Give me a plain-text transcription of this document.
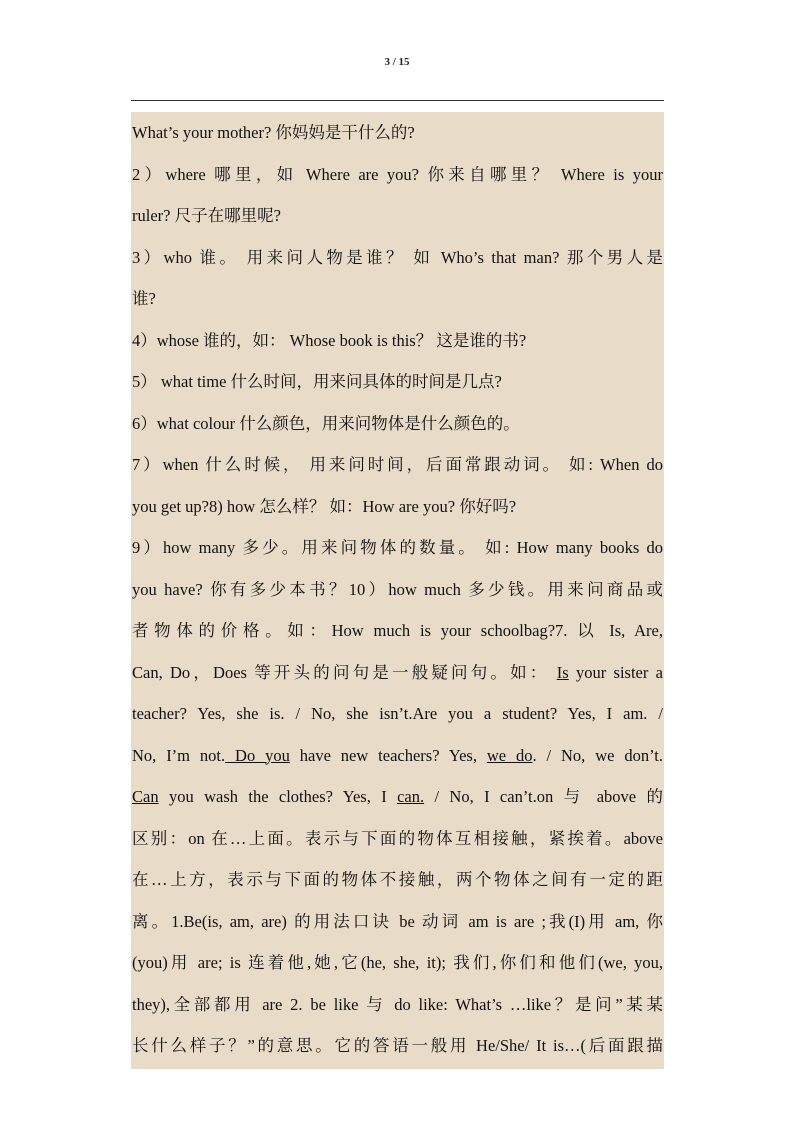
3 / 15
What’s your mother? 你妈妈是干什么的?
2）where 哪里，如 Where are you? 你来自哪里？ Where is your
ruler? 尺子在哪里呢?
3）who 谁。 用来问人物是谁？ 如 Who’s that man? 那个男人是
谁?
4）whose 谁的，如： Whose book is this？ 这是谁的书?
5） what time 什么时间，用来问具体的时间是几点?
6）what colour 什么颜色，用来问物体是什么颜色的。
7）when 什么时候， 用来问时间，后面常跟动词。 如: When do
you get up?8) how 怎么样？ 如：How are you? 你好吗?
9）how many 多少。用来问物体的数量。 如: How many books do
you have? 你有多少本书？10）how much 多少钱。用来问商品或
者物体的价格。如：How much is your schoolbag?7. 以 Is, Are,
Can, Do，Does 等开头的问句是一般疑问句。如： Is your sister a
teacher? Yes, she is. / No, she isn’t.Are you a student? Yes, I am. /
No, I’m not. Do you have new teachers? Yes, we do. / No, we don’t.
Can you wash the clothes? Yes, I can. / No, I can’t.on 与 above 的
区别：on 在…上面。表示与下面的物体互相接触，紧挨着。above
在…上方，表示与下面的物体不接触，两个物体之间有一定的距
离。1.Be(is, am, are) 的用法口诀 be 动词 am is are ;我(I)用 am, 你
(you)用 are; is 连着他,她,它(he, she, it); 我们,你们和他们(we, you,
they),全部都用 are 2. be like 与 do like: What’s …like？是问”某某
长什么样子？”的意思。它的答语一般用 He/She/ It is…(后面跟描
